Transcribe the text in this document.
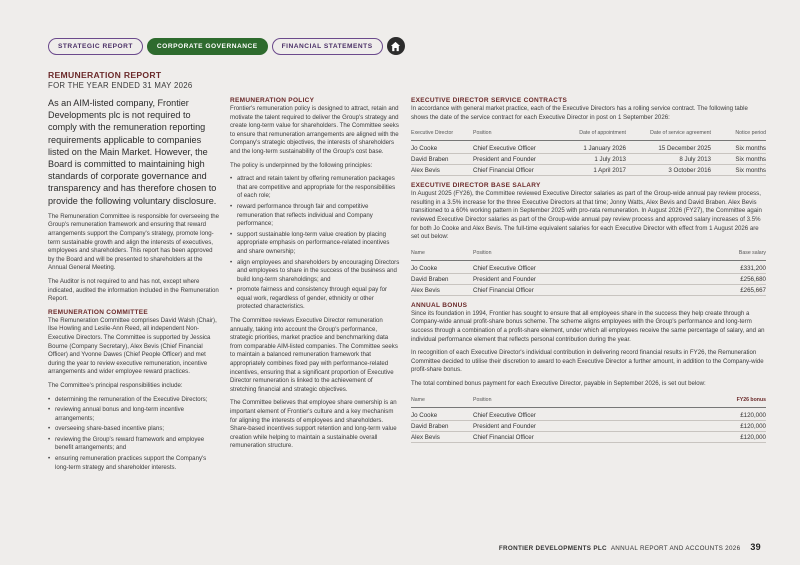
STRATEGIC REPORT	CORPORATE GOVERNANCE	FINANCIAL STATEMENTS
REMUNERATION REPORT
FOR THE YEAR ENDED 31 MAY 2026

As an AIM-listed company, Frontier Developments plc is not required to comply with the remuneration reporting requirements applicable to companies listed on the Main Market. However, the Board is committed to maintaining high standards of corporate governance and transparency and has therefore chosen to provide the following voluntary disclosure.

The Remuneration Committee is responsible for overseeing the Group's remuneration framework and ensuring that reward arrangements support the Company's strategy, promote long-term sustainable growth and align the interests of executives, employees and shareholders. This report has been approved by the Board and will be presented to shareholders at the Annual General Meeting.

The Auditor is not required to and has not, except where indicated, audited the information included in the Remuneration Report.

REMUNERATION COMMITTEE

The Remuneration Committee comprises David Walsh (Chair), Ilse Howling and Leslie-Ann Reed, all independent Non-Executive Directors. The Committee is supported by Jessica Bourne (Company Secretary), Alex Bevis (Chief Financial Officer) and Yvonne Dawes (Chief People Officer) and met during the year to review executive remuneration, incentive arrangements and wider employee reward practices.

The Committee's principal responsibilities include:

• determining the remuneration of the Executive Directors;
• reviewing annual bonus and long-term incentive arrangements;
• overseeing share-based incentive plans;
• reviewing the Group's reward framework and employee benefit arrangements; and
• ensuring remuneration practices support the Company's long-term strategy and shareholder interests.
REMUNERATION POLICY

Frontier's remuneration policy is designed to attract, retain and motivate the talent required to deliver the Group's strategy and create long-term value for shareholders. The Committee seeks to ensure that remuneration arrangements are aligned with the Company's strategic objectives, the interests of shareholders and the long-term sustainability of the Group's cost base.

The policy is underpinned by the following principles:

• attract and retain talent by offering remuneration packages that are competitive and appropriate for the responsibilities of each role;
• reward performance through fair and competitive remuneration that reflects individual and Company performance;
• support sustainable long-term value creation by placing appropriate emphasis on performance-related incentives and share ownership;
• align employees and shareholders by encouraging Directors and employees to share in the success of the business and build long-term shareholdings; and
• promote fairness and consistency through equal pay for equal work, regardless of gender, ethnicity or other protected characteristics.

The Committee reviews Executive Director remuneration annually, taking into account the Group's performance, strategic priorities, market practice and benchmarking data from comparable AIM-listed companies. The Committee seeks to maintain a balanced remuneration framework that appropriately combines fixed pay with performance-related incentives, ensuring that a significant proportion of Executive Director remuneration is linked to the achievement of stretching financial and strategic objectives.

The Committee believes that employee share ownership is an important element of Frontier's culture and a key mechanism for aligning the interests of employees and shareholders. Share-based incentives support retention and long-term value creation while helping to maintain a sustainable overall remuneration structure.

EXECUTIVE DIRECTOR SERVICE CONTRACTS

In accordance with general market practice, each of the Executive Directors has a rolling service contract. The following table shows the date of the service contract for each Executive Director in post on 1 September 2026:

Executive Director	Position	Date of appointment	Date of service agreement	Notice period
Jo Cooke	Chief Executive Officer	1 January 2026	15 December 2025	Six months
David Braben	President and Founder	1 July 2013	8 July 2013	Six months
Alex Bevis	Chief Financial Officer	1 April 2017	3 October 2016	Six months
EXECUTIVE DIRECTOR BASE SALARY

In August 2025 (FY26), the Committee reviewed Executive Director salaries as part of the Group-wide annual pay review process, resulting in a 3.5% increase for the three Executive Directors at that time; Jonny Watts, Alex Bevis and David Braben. Alex Bevis transitioned to a 60% working pattern in September 2025 with pro-rata remuneration. In August 2026 (FY27), the Committee again reviewed Executive Director salaries as part of the Group-wide annual pay review process and approved salary increases of 3.5% for both Jo Cooke and Alex Bevis. The full-time equivalent salaries for each Executive Director with effect from 1 August 2026 are set out below:

Name	Position	Base salary
Jo Cooke	Chief Executive Officer	£331,200
David Braben	President and Founder	£256,680
Alex Bevis	Chief Financial Officer	£265,667
ANNUAL BONUS

Since its foundation in 1994, Frontier has sought to ensure that all employees share in the success they help create through a Company-wide annual profit-share bonus scheme. The scheme aligns employees with the Group's performance and long-term success through a combination of a profit-share element, under which all employees receive the same percentage of salary, and an individual performance element that reflects personal contribution during the year.

In recognition of each Executive Director's individual contribution in delivering record financial results in FY26, the Remuneration Committee decided to utilise their discretion to award to each Executive Director a further amount, in addition to the Company-wide profit-share bonus.

The total combined bonus payment for each Executive Director, payable in September 2026, is set out below:

Name	Position	FY26 bonus
Jo Cooke	Chief Executive Officer	£120,000
David Braben	President and Founder	£120,000
Alex Bevis	Chief Financial Officer	£120,000
FRONTIER DEVELOPMENTS PLC ANNUAL REPORT AND ACCOUNTS 2026 39
